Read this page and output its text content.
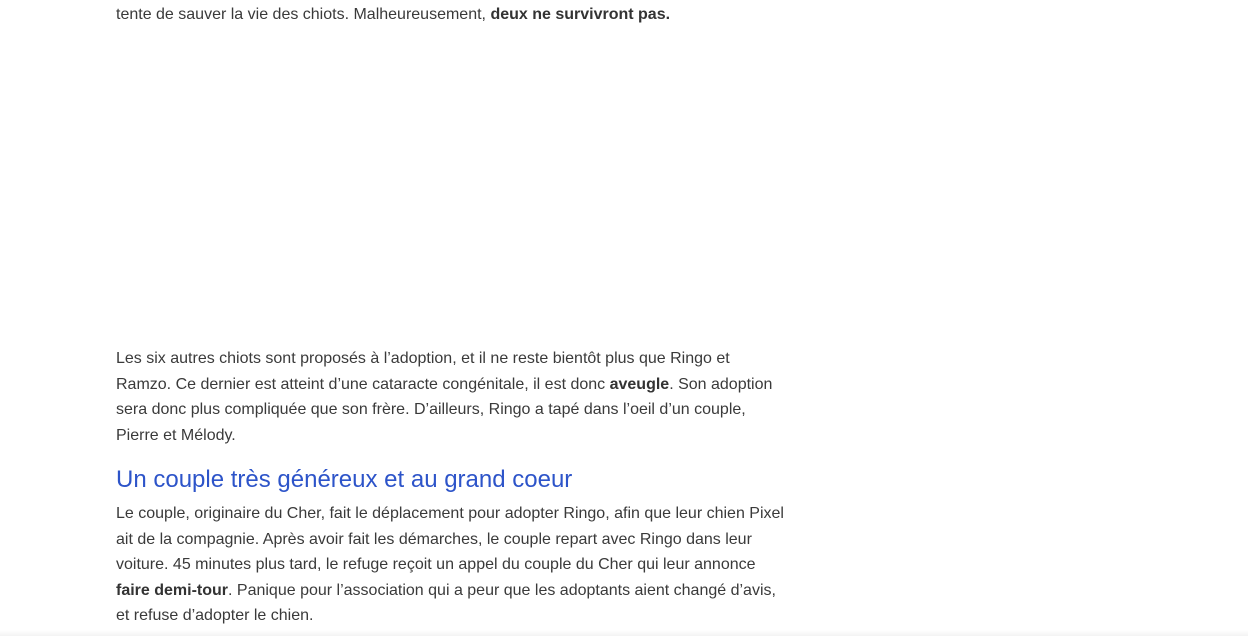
tente de sauver la vie des chiots. Malheureusement, deux ne survivront pas.

Les six autres chiots sont proposés à l’adoption, et il ne reste bientôt plus que Ringo et
Ramzo. Ce dernier est atteint d’une cataracte congénitale, il est donc aveugle. Son adoption
sera donc plus compliquée que son frère. D’ailleurs, Ringo a tapé dans l’oeil d’un couple,
Pierre et Mélody.

Un couple très généreux et au grand coeur

Le couple, originaire du Cher, fait le déplacement pour adopter Ringo, afin que leur chien Pixel
ait de la compagnie. Après avoir fait les démarches, le couple repart avec Ringo dans leur
voiture. 45 minutes plus tard, le refuge reçoit un appel du couple du Cher qui leur annonce
faire demi-tour. Panique pour l’association qui a peur que les adoptants aient changé d’avis,
et refuse d’adopter le chien.
